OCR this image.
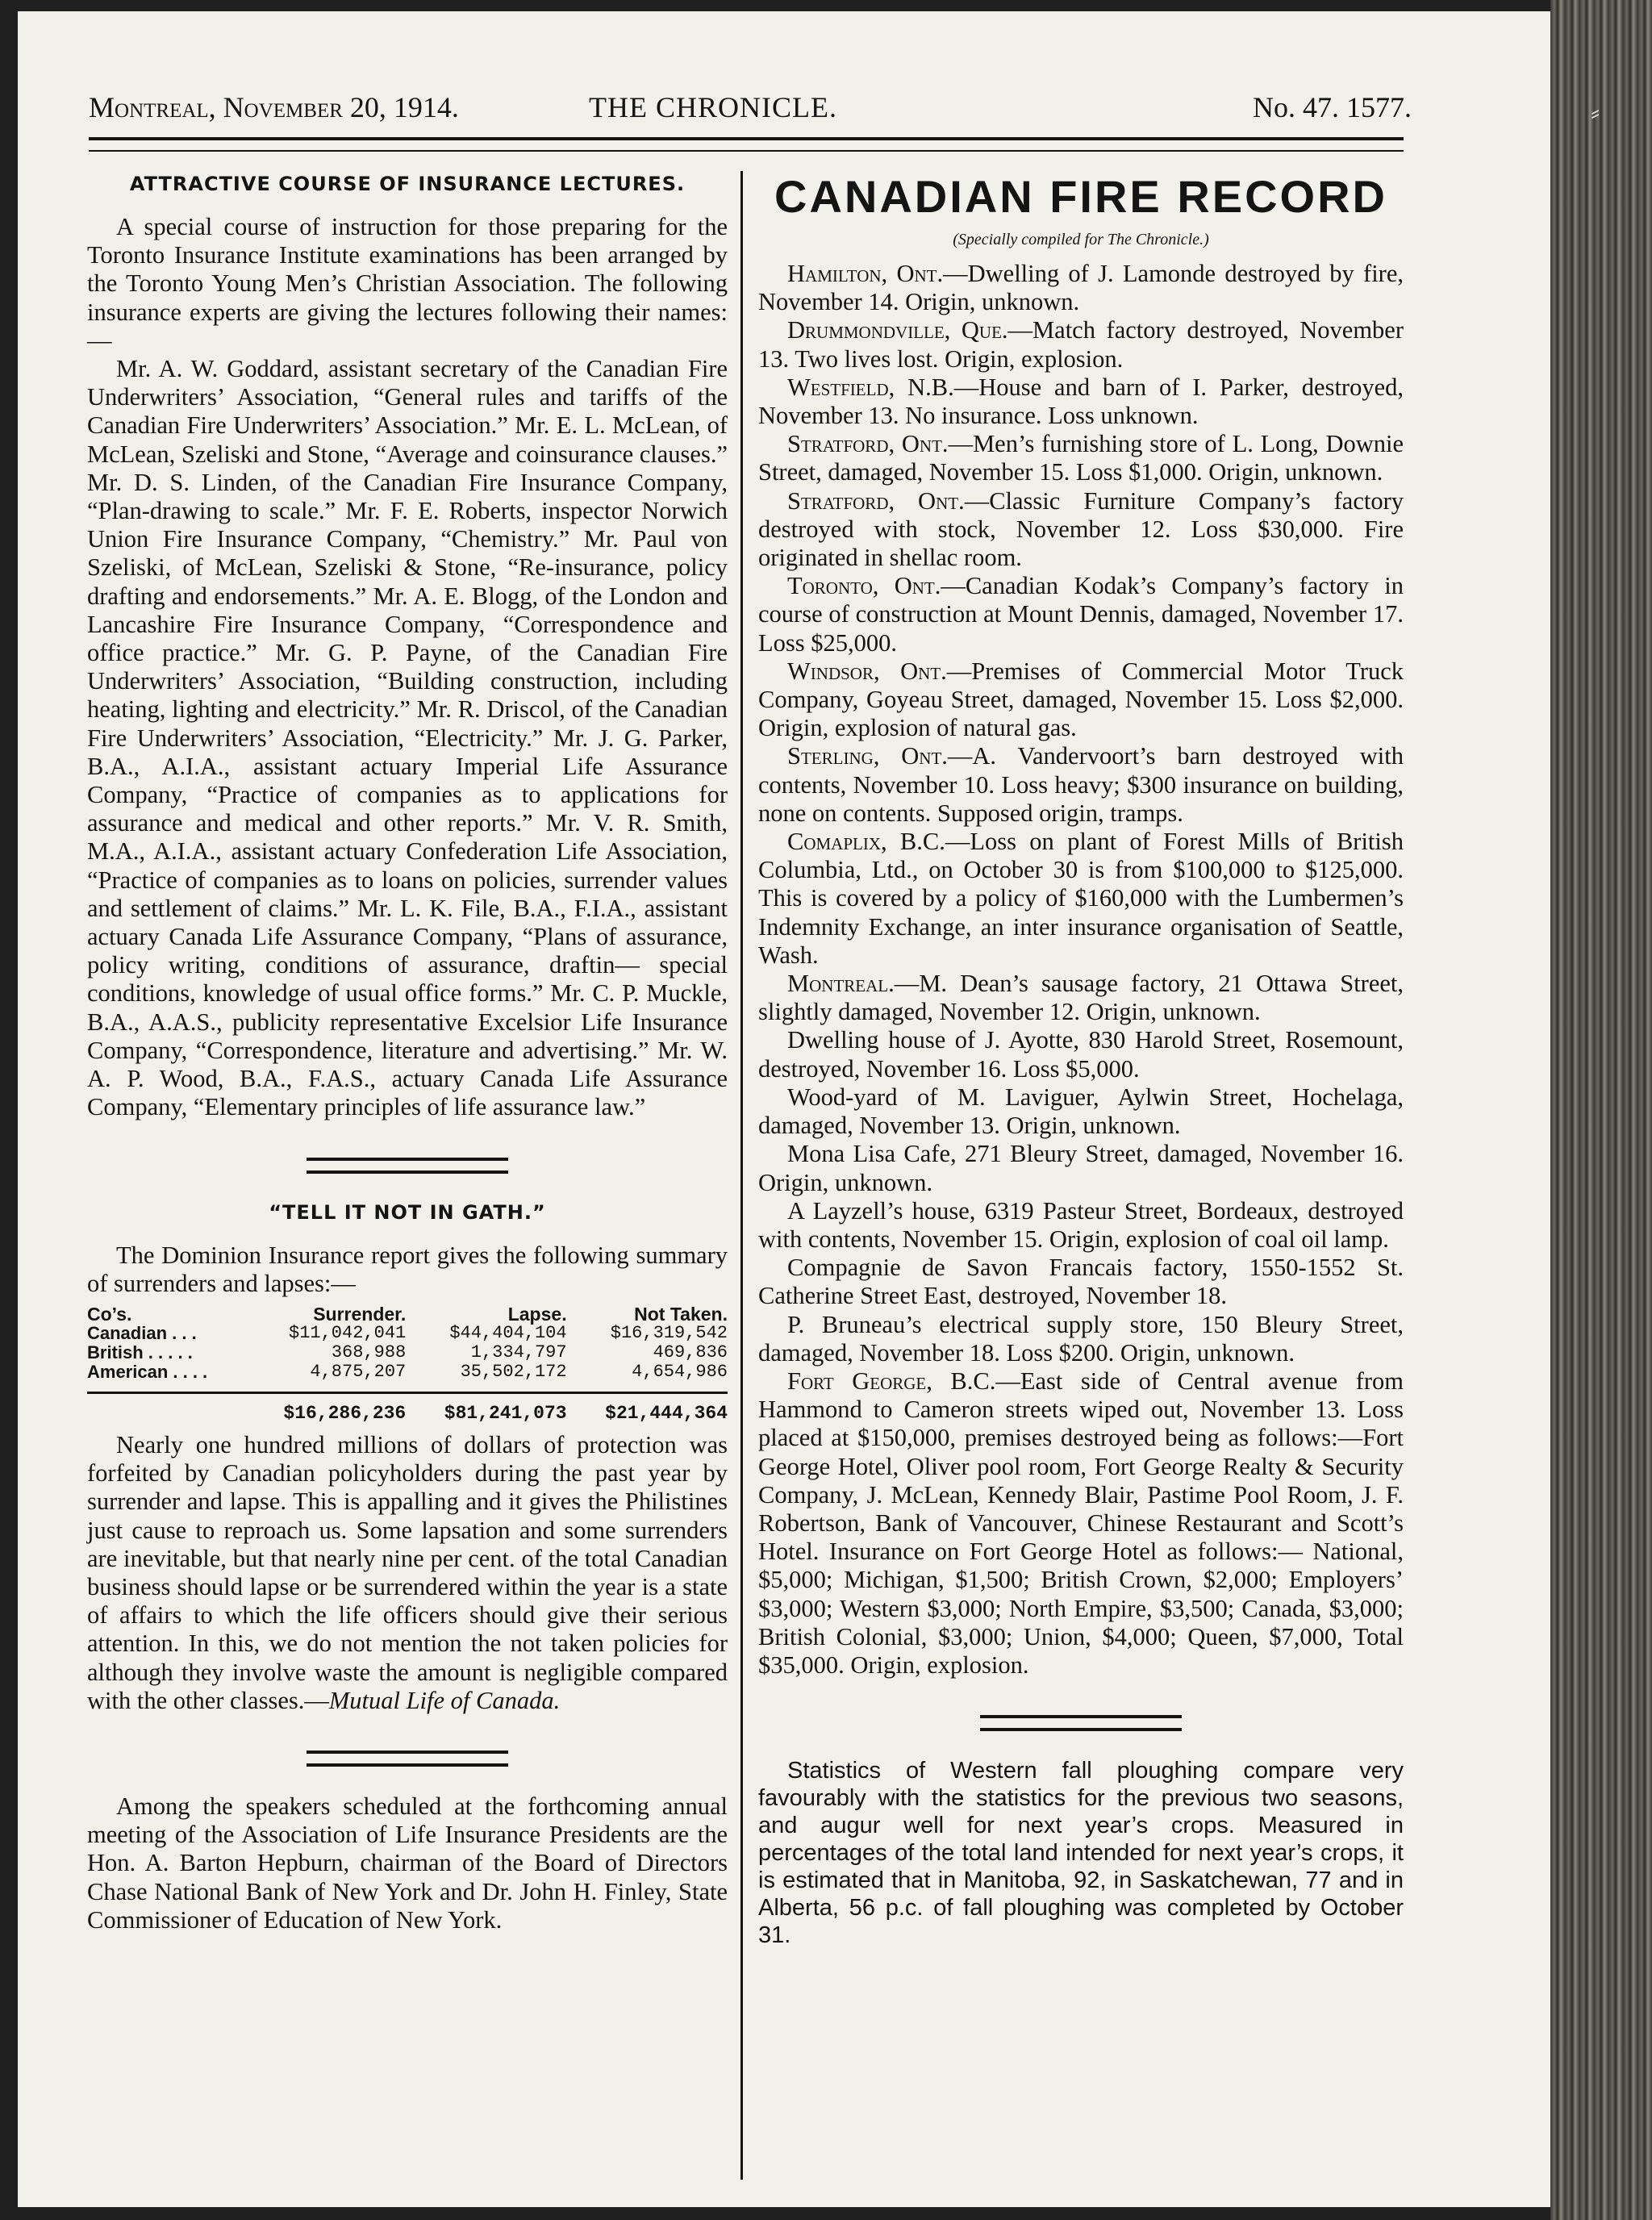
⸗
Montreal, November 20, 1914.	THE CHRONICLE.	No. 47. 1577.
ATTRACTIVE COURSE OF INSURANCE LECTURES.

A special course of instruction for those preparing for the Toronto Insurance Institute examinations has been arranged by the Toronto Young Men’s Christian Association. The following insurance experts are giving the lectures following their names:—

Mr. A. W. Goddard, assistant secretary of the Canadian Fire Underwriters’ Association, “General rules and tariffs of the Canadian Fire Underwriters’ Association.” Mr. E. L. McLean, of McLean, Szeliski and Stone, “Average and coinsurance clauses.” Mr. D. S. Linden, of the Canadian Fire Insurance Company, “Plan-drawing to scale.” Mr. F. E. Roberts, inspector Norwich Union Fire Insurance Company, “Chemistry.” Mr. Paul von Szeliski, of McLean, Szeliski & Stone, “Re-insurance, policy drafting and endorsements.” Mr. A. E. Blogg, of the London and Lancashire Fire Insurance Company, “Correspondence and office practice.” Mr. G. P. Payne, of the Canadian Fire Underwriters’ Association, “Building construction, including heating, lighting and electricity.” Mr. R. Driscol, of the Canadian Fire Underwriters’ Association, “Electricity.” Mr. J. G. Parker, B.A., A.I.A., assistant actuary Imperial Life Assurance Company, “Practice of companies as to applications for assurance and medical and other reports.” Mr. V. R. Smith, M.A., A.I.A., assistant actuary Confederation Life Association, “Practice of companies as to loans on policies, surrender values and settlement of claims.” Mr. L. K. File, B.A., F.I.A., assistant actuary Canada Life Assurance Company, “Plans of assurance, policy writing, conditions of assurance, draftin— special conditions, knowledge of usual office forms.” Mr. C. P. Muckle, B.A., A.A.S., publicity representative Excelsior Life Insurance Company, “Correspondence, literature and advertising.” Mr. W. A. P. Wood, B.A., F.A.S., actuary Canada Life Assurance Company, “Elementary principles of life assurance law.”

“TELL IT NOT IN GATH.”

The Dominion Insurance report gives the following summary of surrenders and lapses:—

Co’s.	Surrender.	Lapse.	Not Taken.
Canadian . . .	$11,042,041	$44,404,104	$16,319,542
British . . . . .	368,988	1,334,797	469,836
American . . . .	4,875,207	35,502,172	4,654,986

	$16,286,236	$81,241,073	$21,444,364

Nearly one hundred millions of dollars of protection was forfeited by Canadian policyholders during the past year by surrender and lapse. This is appalling and it gives the Philistines just cause to reproach us. Some lapsation and some surrenders are inevitable, but that nearly nine per cent. of the total Canadian business should lapse or be surrendered within the year is a state of affairs to which the life officers should give their serious attention. In this, we do not mention the not taken policies for although they involve waste the amount is negligible compared with the other classes.—Mutual Life of Canada.

Among the speakers scheduled at the forthcoming annual meeting of the Association of Life Insurance Presidents are the Hon. A. Barton Hepburn, chairman of the Board of Directors Chase National Bank of New York and Dr. John H. Finley, State Commissioner of Education of New York.

CANADIAN FIRE RECORD
(Specially compiled for The Chronicle.)

Hamilton, Ont.—Dwelling of J. Lamonde destroyed by fire, November 14. Origin, unknown.

Drummondville, Que.—Match factory destroyed, November 13. Two lives lost. Origin, explosion.

Westfield, N.B.—House and barn of I. Parker, destroyed, November 13. No insurance. Loss unknown.

Stratford, Ont.—Men’s furnishing store of L. Long, Downie Street, damaged, November 15. Loss $1,000. Origin, unknown.

Stratford, Ont.—Classic Furniture Company’s factory destroyed with stock, November 12. Loss $30,000. Fire originated in shellac room.

Toronto, Ont.—Canadian Kodak’s Company’s factory in course of construction at Mount Dennis, damaged, November 17. Loss $25,000.

Windsor, Ont.—Premises of Commercial Motor Truck Company, Goyeau Street, damaged, November 15. Loss $2,000. Origin, explosion of natural gas.

Sterling, Ont.—A. Vandervoort’s barn destroyed with contents, November 10. Loss heavy; $300 insurance on building, none on contents. Supposed origin, tramps.

Comaplix, B.C.—Loss on plant of Forest Mills of British Columbia, Ltd., on October 30 is from $100,000 to $125,000. This is covered by a policy of $160,000 with the Lumbermen’s Indemnity Exchange, an inter insurance organisation of Seattle, Wash.

Montreal.—M. Dean’s sausage factory, 21 Ottawa Street, slightly damaged, November 12. Origin, unknown.

Dwelling house of J. Ayotte, 830 Harold Street, Rosemount, destroyed, November 16. Loss $5,000.

Wood-yard of M. Laviguer, Aylwin Street, Hochelaga, damaged, November 13. Origin, unknown.

Mona Lisa Cafe, 271 Bleury Street, damaged, November 16. Origin, unknown.

A Layzell’s house, 6319 Pasteur Street, Bordeaux, destroyed with contents, November 15. Origin, explosion of coal oil lamp.

Compagnie de Savon Francais factory, 1550-1552 St. Catherine Street East, destroyed, November 18.

P. Bruneau’s electrical supply store, 150 Bleury Street, damaged, November 18. Loss $200. Origin, unknown.

Fort George, B.C.—East side of Central avenue from Hammond to Cameron streets wiped out, November 13. Loss placed at $150,000, premises destroyed being as follows:—Fort George Hotel, Oliver pool room, Fort George Realty & Security Company, J. McLean, Kennedy Blair, Pastime Pool Room, J. F. Robertson, Bank of Vancouver, Chinese Restaurant and Scott’s Hotel. Insurance on Fort George Hotel as follows:— National, $5,000; Michigan, $1,500; British Crown, $2,000; Employers’ $3,000; Western $3,000; North Empire, $3,500; Canada, $3,000; British Colonial, $3,000; Union, $4,000; Queen, $7,000, Total $35,000. Origin, explosion.

Statistics of Western fall ploughing compare very favourably with the statistics for the previous two seasons, and augur well for next year’s crops. Measured in percentages of the total land intended for next year’s crops, it is estimated that in Manitoba, 92, in Saskatchewan, 77 and in Alberta, 56 p.c. of fall ploughing was completed by October 31.
